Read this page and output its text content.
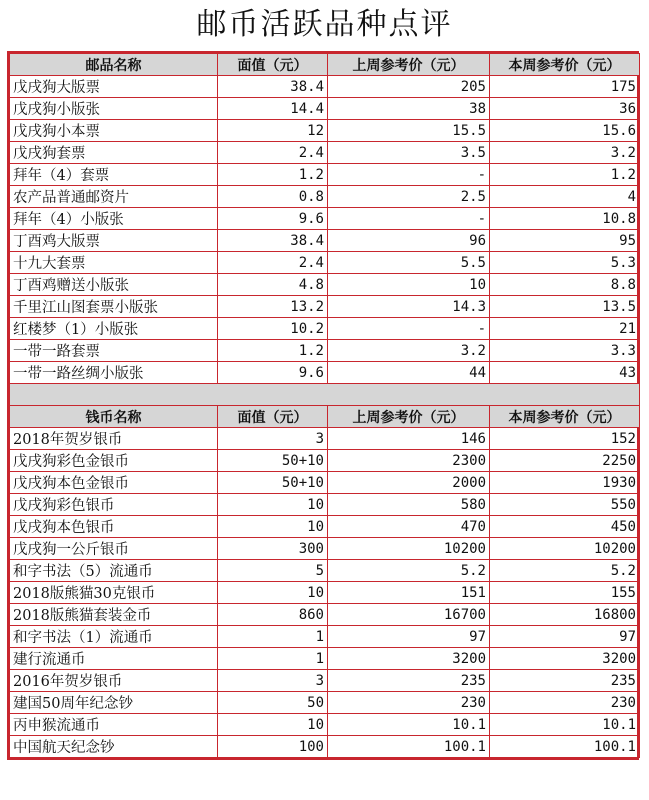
邮币活跃品种点评
邮品名称	面值（元）	上周参考价（元）	本周参考价（元）
戊戌狗大版票	38.4	205	175
戊戌狗小版张	14.4	38	36
戊戌狗小本票	12	15.5	15.6
戊戌狗套票	2.4	3.5	3.2
拜年（4）套票	1.2	-	1.2
农产品普通邮资片	0.8	2.5	4
拜年（4）小版张	9.6	-	10.8
丁酉鸡大版票	38.4	96	95
十九大套票	2.4	5.5	5.3
丁酉鸡赠送小版张	4.8	10	8.8
千里江山图套票小版张	13.2	14.3	13.5
红楼梦（1）小版张	10.2	-	21
一带一路套票	1.2	3.2	3.3
一带一路丝绸小版张	9.6	44	43

钱币名称	面值（元）	上周参考价（元）	本周参考价（元）
2018年贺岁银币	3	146	152
戊戌狗彩色金银币	50+10	2300	2250
戊戌狗本色金银币	50+10	2000	1930
戊戌狗彩色银币	10	580	550
戊戌狗本色银币	10	470	450
戊戌狗一公斤银币	300	10200	10200
和字书法（5）流通币	5	5.2	5.2
2018版熊猫30克银币	10	151	155
2018版熊猫套装金币	860	16700	16800
和字书法（1）流通币	1	97	97
建行流通币	1	3200	3200
2016年贺岁银币	3	235	235
建国50周年纪念钞	50	230	230
丙申猴流通币	10	10.1	10.1
中国航天纪念钞	100	100.1	100.1
